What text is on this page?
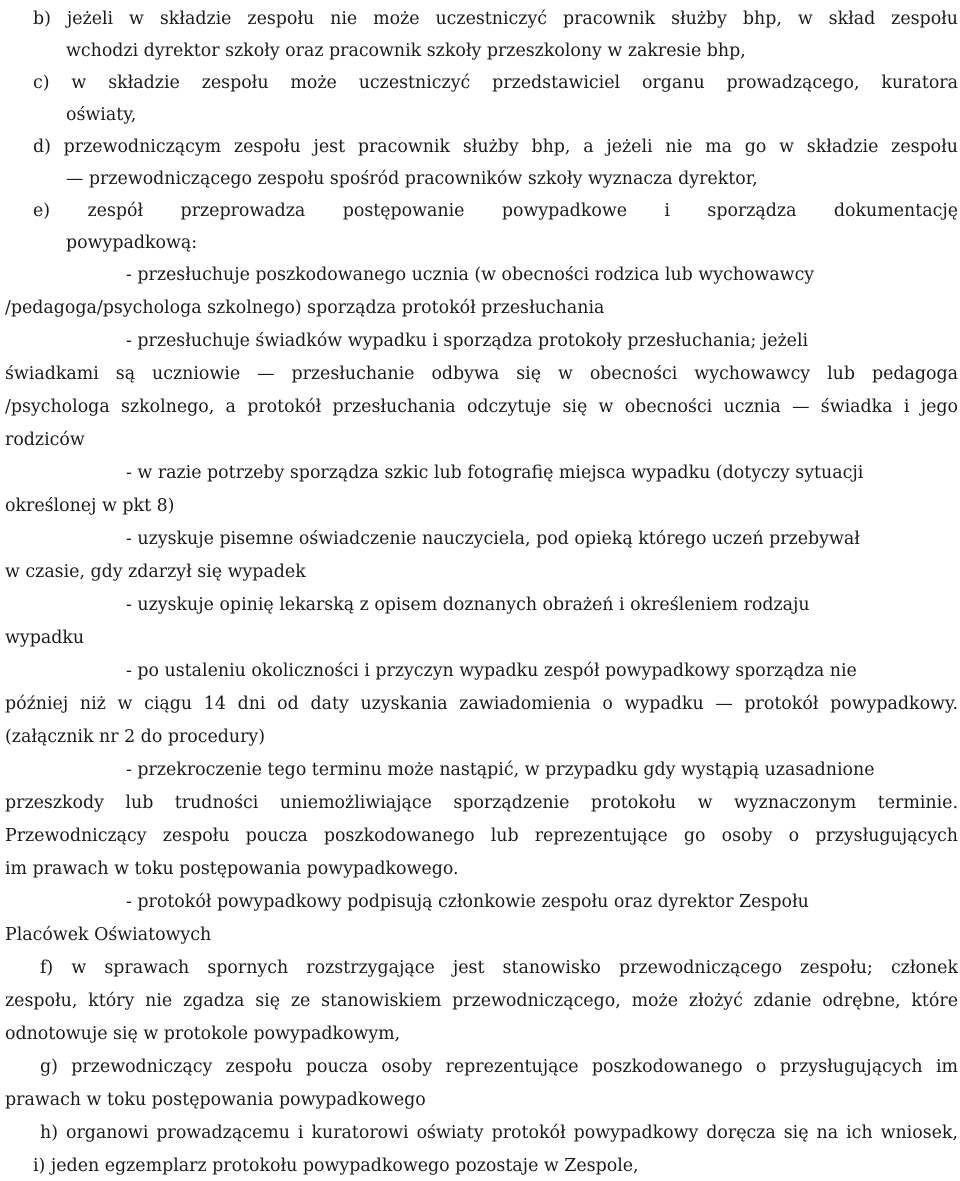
b) jeżeli w składzie zespołu nie może uczestniczyć pracownik służby bhp, w skład zespołu

wchodzi dyrektor szkoły oraz pracownik szkoły przeszkolony w zakresie bhp,

c) w składzie zespołu może uczestniczyć przedstawiciel organu prowadzącego, kuratora

oświaty,

d) przewodniczącym zespołu jest pracownik służby bhp, a jeżeli nie ma go w składzie zespołu

— przewodniczącego zespołu spośród pracowników szkoły wyznacza dyrektor,

e) zespół przeprowadza postępowanie powypadkowe i sporządza dokumentację

powypadkową:

- przesłuchuje poszkodowanego ucznia (w obecności rodzica lub wychowawcy

/pedagoga/psychologa szkolnego) sporządza protokół przesłuchania

- przesłuchuje świadków wypadku i sporządza protokoły przesłuchania; jeżeli

świadkami są uczniowie — przesłuchanie odbywa się w obecności wychowawcy lub pedagoga

/psychologa szkolnego, a protokół przesłuchania odczytuje się w obecności ucznia — świadka i jego

rodziców

- w razie potrzeby sporządza szkic lub fotografię miejsca wypadku (dotyczy sytuacji

określonej w pkt 8)

- uzyskuje pisemne oświadczenie nauczyciela, pod opieką którego uczeń przebywał

w czasie, gdy zdarzył się wypadek

- uzyskuje opinię lekarską z opisem doznanych obrażeń i określeniem rodzaju

wypadku

- po ustaleniu okoliczności i przyczyn wypadku zespół powypadkowy sporządza nie

później niż w ciągu 14 dni od daty uzyskania zawiadomienia o wypadku — protokół powypadkowy.

(załącznik nr 2 do procedury)

- przekroczenie tego terminu może nastąpić, w przypadku gdy wystąpią uzasadnione

przeszkody lub trudności uniemożliwiające sporządzenie protokołu w wyznaczonym terminie.

Przewodniczący zespołu poucza poszkodowanego lub reprezentujące go osoby o przysługujących

im prawach w toku postępowania powypadkowego.

- protokół powypadkowy podpisują członkowie zespołu oraz dyrektor Zespołu

Placówek Oświatowych

f) w sprawach spornych rozstrzygające jest stanowisko przewodniczącego zespołu; członek

zespołu, który nie zgadza się ze stanowiskiem przewodniczącego, może złożyć zdanie odrębne, które

odnotowuje się w protokole powypadkowym,

g) przewodniczący zespołu poucza osoby reprezentujące poszkodowanego o przysługujących im

prawach w toku postępowania powypadkowego

h) organowi prowadzącemu i kuratorowi oświaty protokół powypadkowy doręcza się na ich wniosek,

i) jeden egzemplarz protokołu powypadkowego pozostaje w Zespole,
